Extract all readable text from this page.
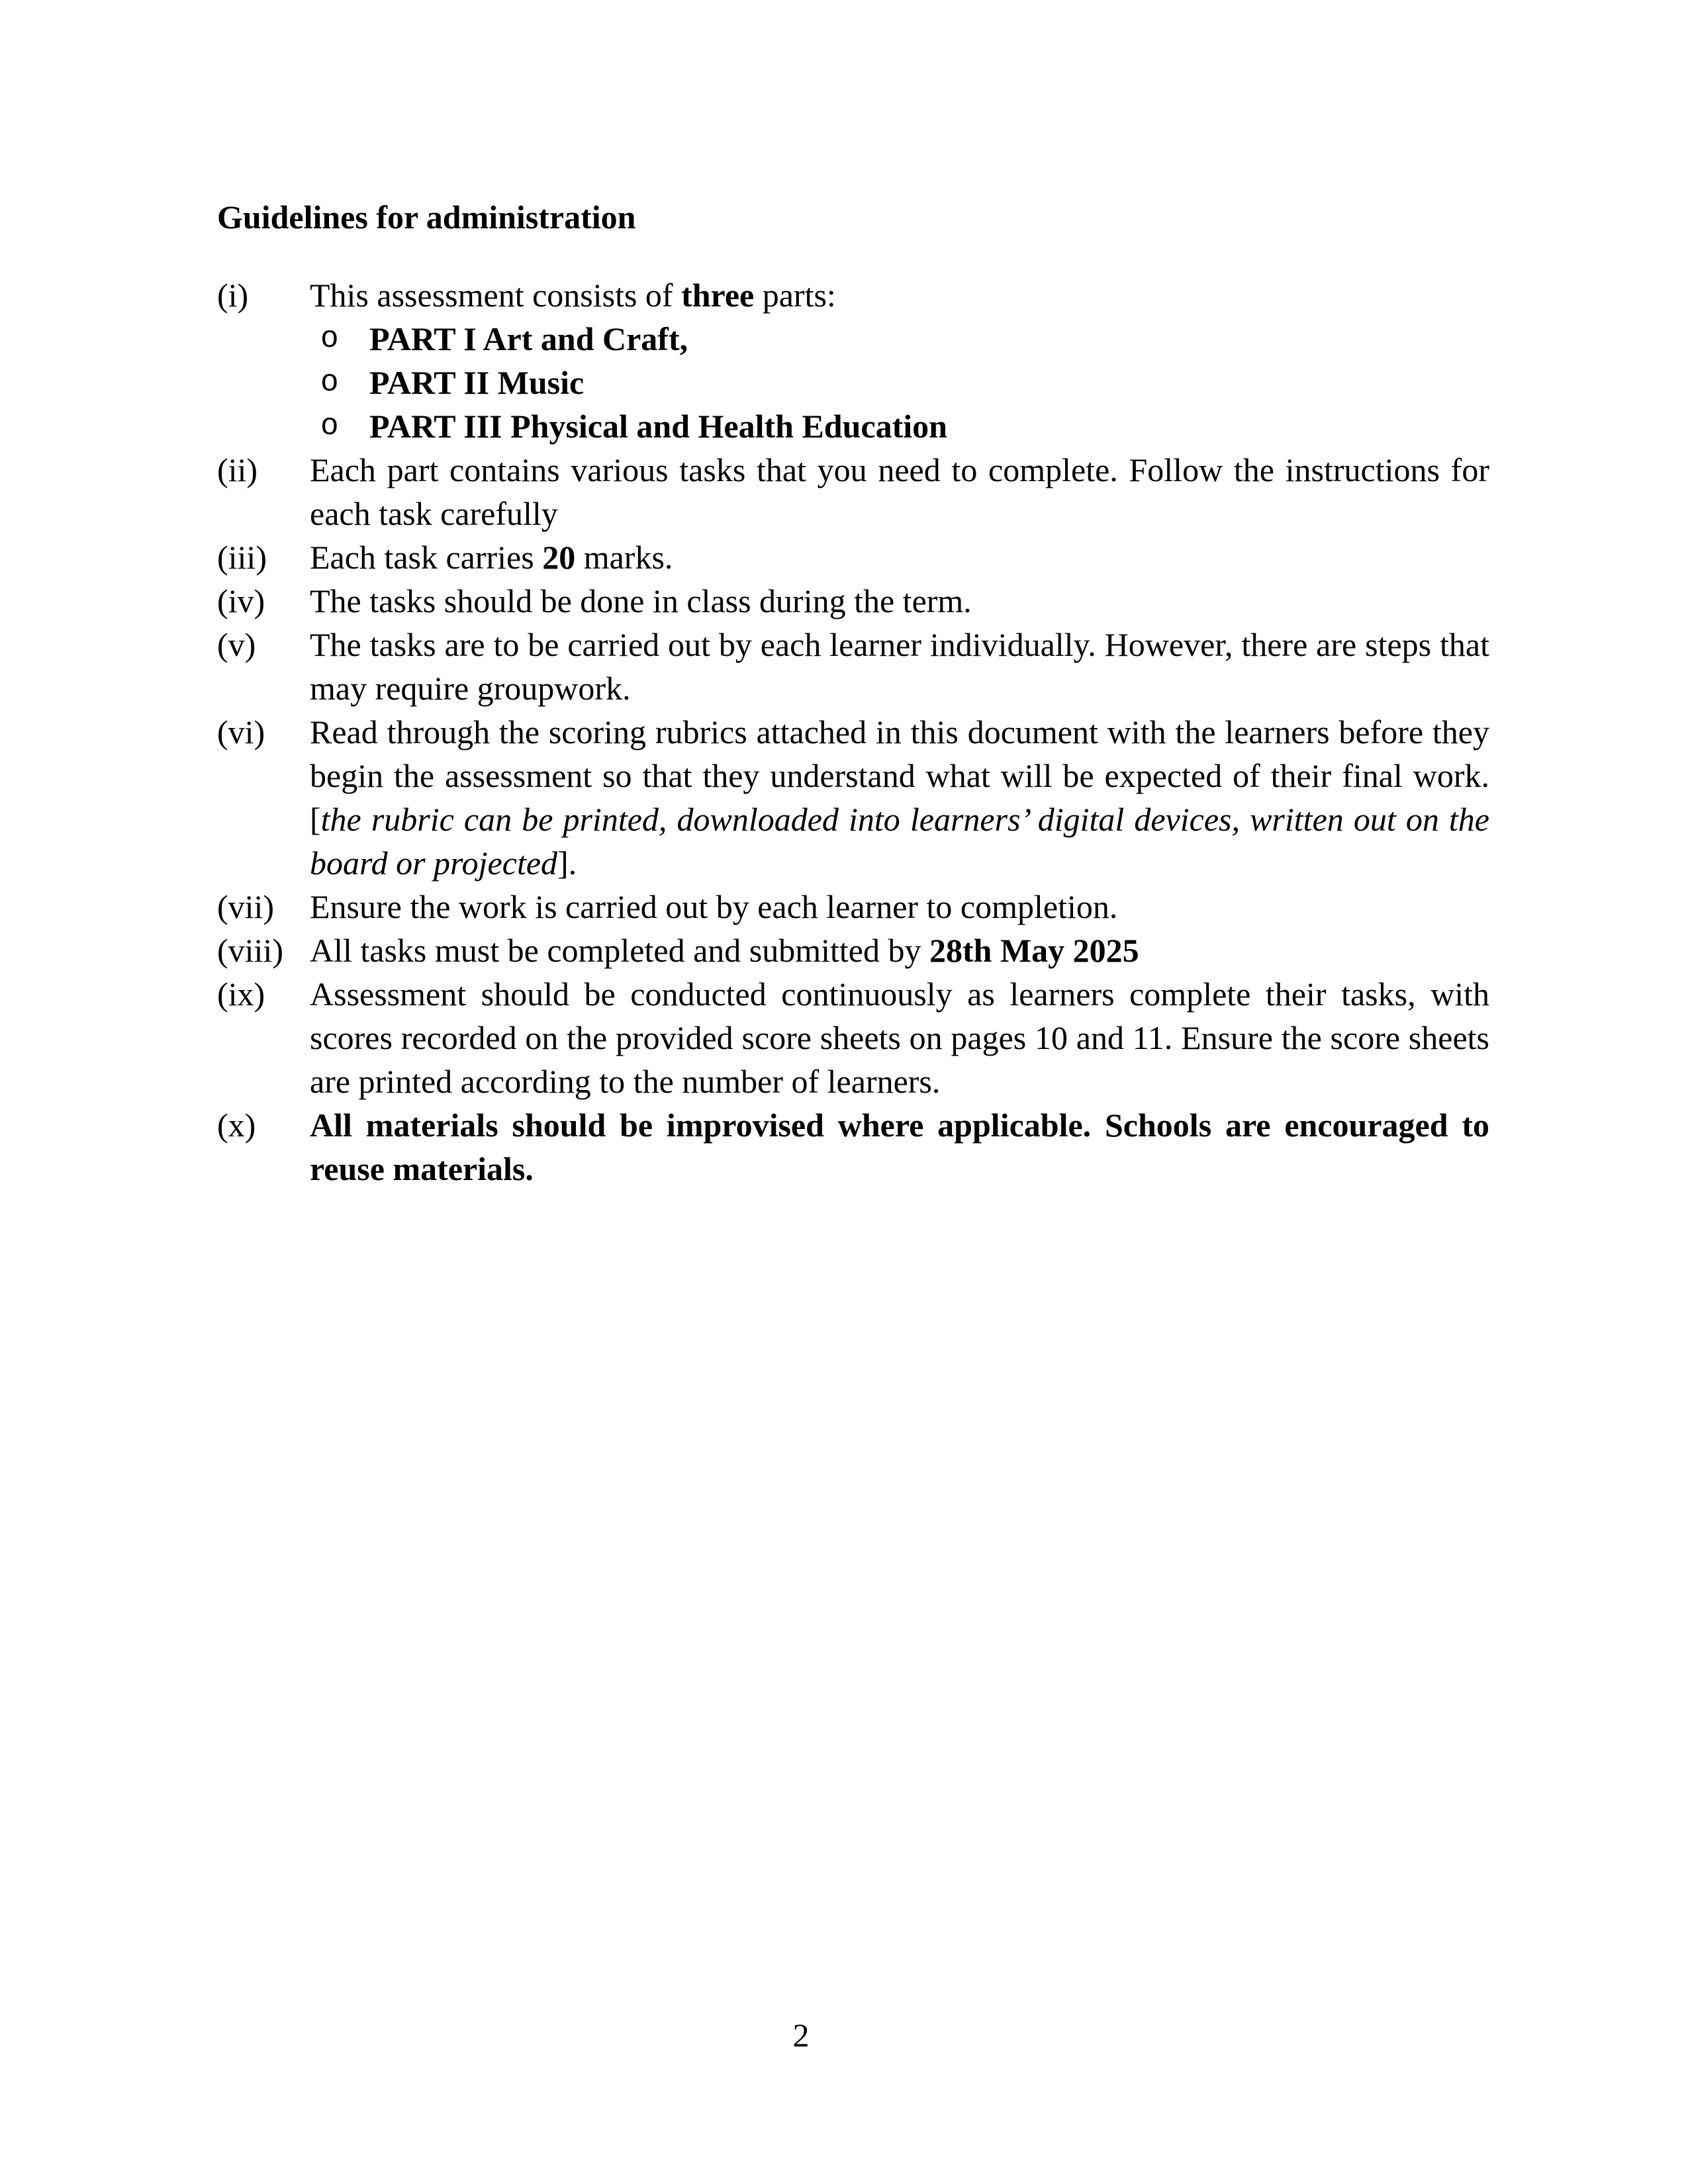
Guidelines for administration
(i)	This assessment consists of three parts:
o PART I Art and Craft,
o PART II Music
o PART III Physical and Health Education
(ii)	Each part contains various tasks that you need to complete. Follow the instructions for each task carefully
(iii)	Each task carries 20 marks.
(iv)	The tasks should be done in class during the term.
(v)	The tasks are to be carried out by each learner individually. However, there are steps that may require groupwork.
(vi)	Read through the scoring rubrics attached in this document with the learners before they begin the assessment so that they understand what will be expected of their final work. [the rubric can be printed, downloaded into learners’ digital devices, written out on the board or projected].
(vii)	Ensure the work is carried out by each learner to completion.
(viii) All tasks must be completed and submitted by 28th May 2025
(ix)	Assessment should be conducted continuously as learners complete their tasks, with scores recorded on the provided score sheets on pages 10 and 11. Ensure the score sheets are printed according to the number of learners.
(x)	All materials should be improvised where applicable. Schools are encouraged to reuse materials.
2
